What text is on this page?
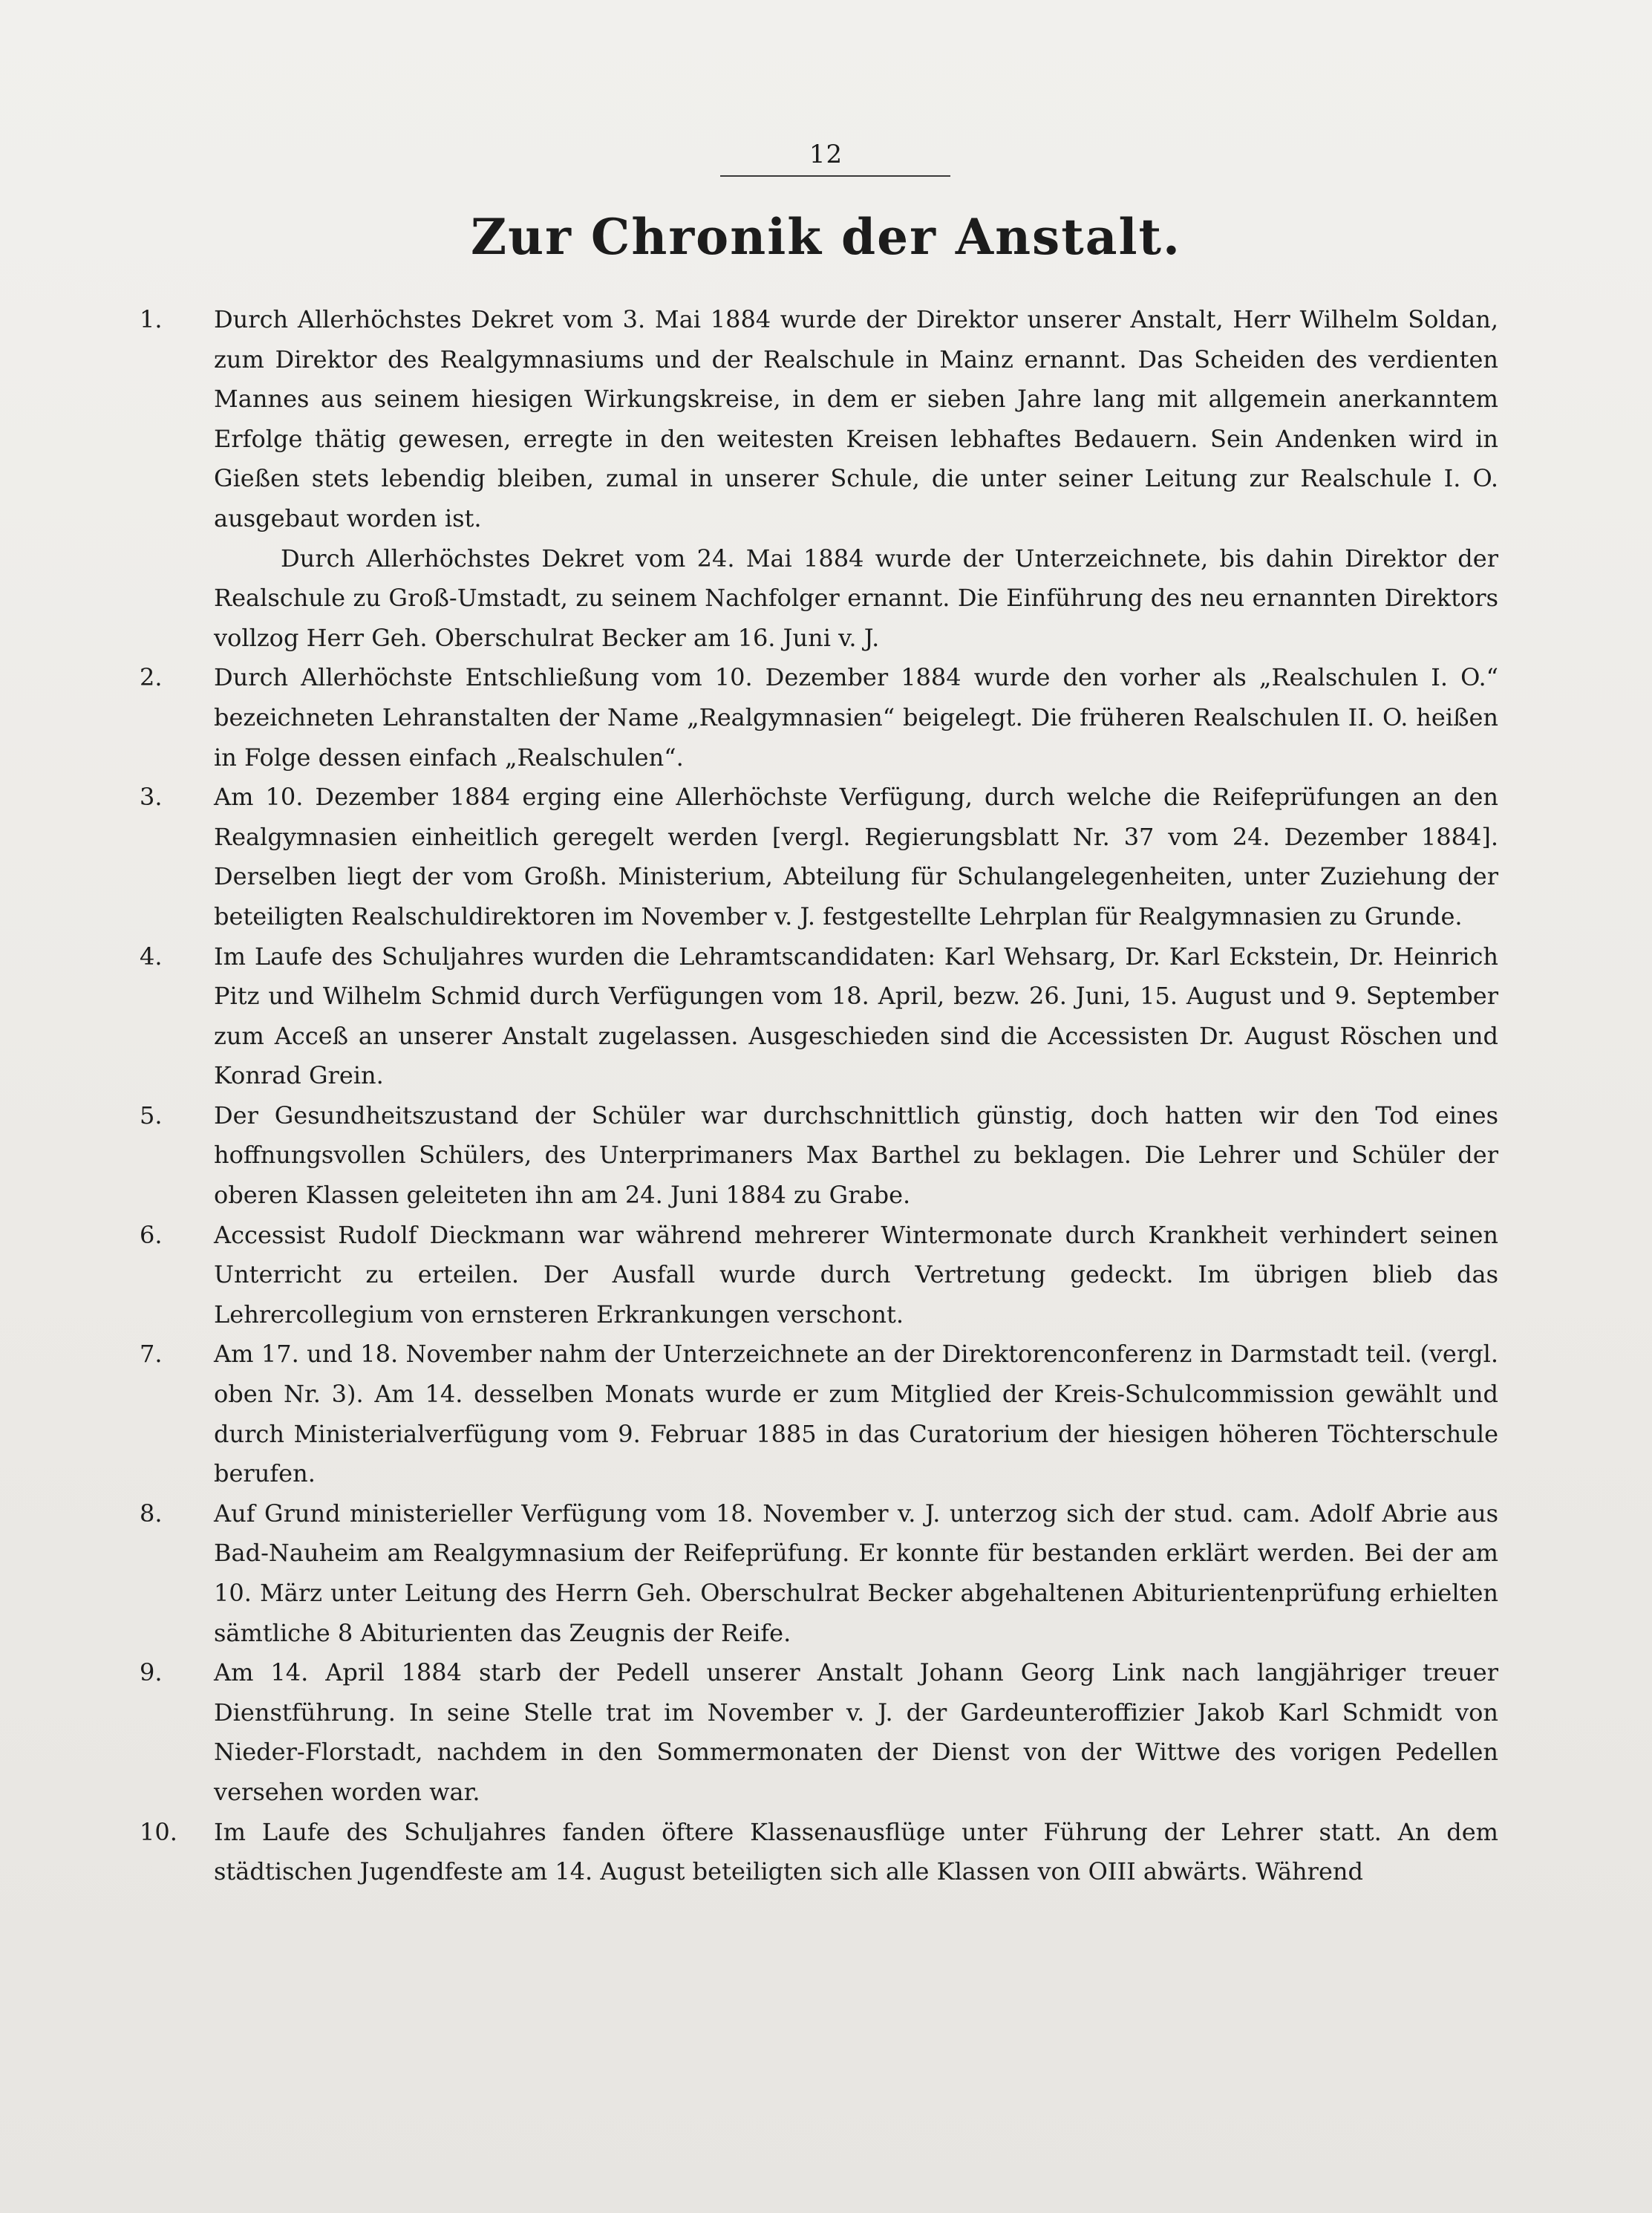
12
Zur Chronik der Anstalt.
1.	Durch Allerhöchstes Dekret vom 3. Mai 1884 wurde der Direktor unserer Anstalt, Herr Wilhelm Soldan, zum Direktor des Realgymnasiums und der Realschule in Mainz ernannt. Das Scheiden des verdienten Mannes aus seinem hiesigen Wirkungskreise, in dem er sieben Jahre lang mit allgemein anerkanntem Erfolge thätig gewesen, erregte in den weitesten Kreisen lebhaftes Bedauern. Sein Andenken wird in Gießen stets lebendig bleiben, zumal in unserer Schule, die unter seiner Leitung zur Realschule I. O. ausgebaut worden ist.

Durch Allerhöchstes Dekret vom 24. Mai 1884 wurde der Unterzeichnete, bis dahin Direktor der Realschule zu Groß-Umstadt, zu seinem Nachfolger ernannt. Die Einführung des neu ernannten Direktors vollzog Herr Geh. Oberschulrat Becker am 16. Juni v. J.

2.	Durch Allerhöchste Entschließung vom 10. Dezember 1884 wurde den vorher als „Realschulen I. O.“ bezeichneten Lehranstalten der Name „Realgymnasien“ beigelegt. Die früheren Realschulen II. O. heißen in Folge dessen einfach „Realschulen“.

3.	Am 10. Dezember 1884 erging eine Allerhöchste Verfügung, durch welche die Reifeprüfungen an den Realgymnasien einheitlich geregelt werden [vergl. Regierungsblatt Nr. 37 vom 24. Dezember 1884]. Derselben liegt der vom Großh. Ministerium, Abteilung für Schulangelegenheiten, unter Zuziehung der beteiligten Realschuldirektoren im November v. J. festgestellte Lehrplan für Realgymnasien zu Grunde.

4.	Im Laufe des Schuljahres wurden die Lehramtscandidaten: Karl Wehsarg, Dr. Karl Eckstein, Dr. Heinrich Pitz und Wilhelm Schmid durch Verfügungen vom 18. April, bezw. 26. Juni, 15. August und 9. September zum Acceß an unserer Anstalt zugelassen. Ausgeschieden sind die Accessisten Dr. August Röschen und Konrad Grein.

5.	Der Gesundheitszustand der Schüler war durchschnittlich günstig, doch hatten wir den Tod eines hoffnungsvollen Schülers, des Unterprimaners Max Barthel zu beklagen. Die Lehrer und Schüler der oberen Klassen geleiteten ihn am 24. Juni 1884 zu Grabe.

6.	Accessist Rudolf Dieckmann war während mehrerer Wintermonate durch Krankheit verhindert seinen Unterricht zu erteilen. Der Ausfall wurde durch Vertretung gedeckt. Im übrigen blieb das Lehrercollegium von ernsteren Erkrankungen verschont.

7.	Am 17. und 18. November nahm der Unterzeichnete an der Direktorenconferenz in Darmstadt teil. (vergl. oben Nr. 3). Am 14. desselben Monats wurde er zum Mitglied der Kreis-Schulcommission gewählt und durch Ministerialverfügung vom 9. Februar 1885 in das Curatorium der hiesigen höheren Töchterschule berufen.

8.	Auf Grund ministerieller Verfügung vom 18. November v. J. unterzog sich der stud. cam. Adolf Abrie aus Bad-Nauheim am Realgymnasium der Reifeprüfung. Er konnte für bestanden erklärt werden. Bei der am 10. März unter Leitung des Herrn Geh. Oberschulrat Becker abgehaltenen Abiturientenprüfung erhielten sämtliche 8 Abiturienten das Zeugnis der Reife.

9.	Am 14. April 1884 starb der Pedell unserer Anstalt Johann Georg Link nach langjähriger treuer Dienstführung. In seine Stelle trat im November v. J. der Gardeunteroffizier Jakob Karl Schmidt von Nieder-Florstadt, nachdem in den Sommermonaten der Dienst von der Wittwe des vorigen Pedellen versehen worden war.

10.	Im Laufe des Schuljahres fanden öftere Klassenausflüge unter Führung der Lehrer statt. An dem städtischen Jugendfeste am 14. August beteiligten sich alle Klassen von OIII abwärts. Während
